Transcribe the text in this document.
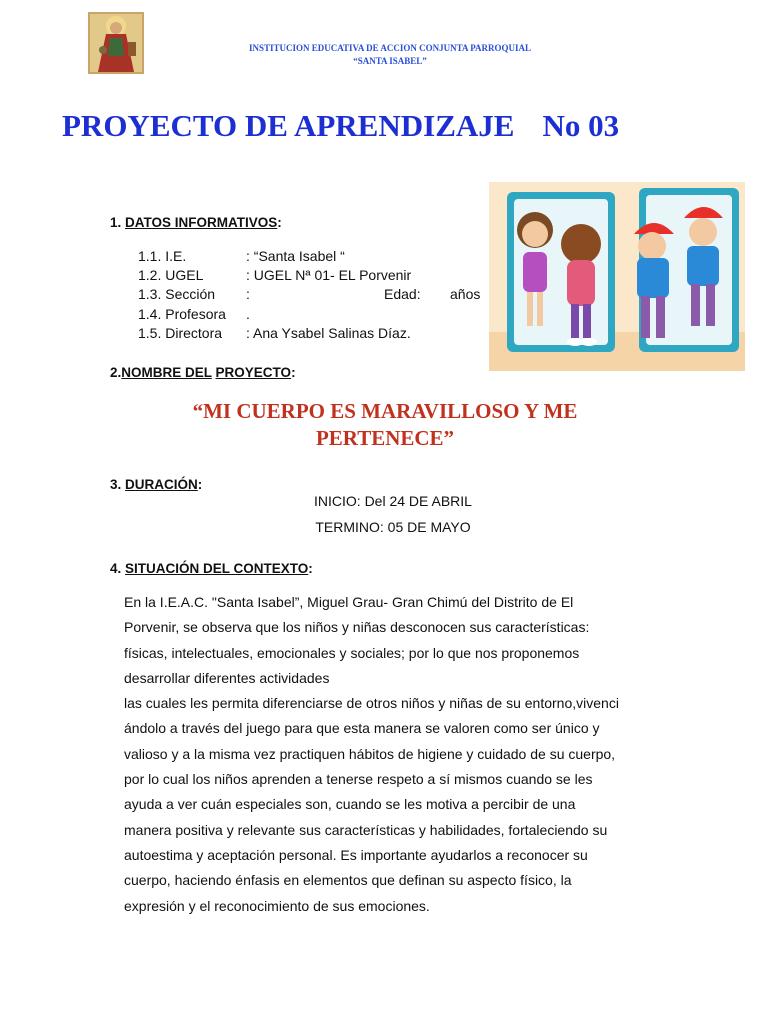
INSTITUCION EDUCATIVA DE ACCION CONJUNTA PARROQUIAL
“SANTA ISABEL”
PROYECTO DE APRENDIZAJE No 03
1. DATOS INFORMATIVOS:
1.1. I.E.	: “Santa Isabel “
1.2. UGEL	: UGEL Nª 01- EL Porvenir
1.3. Sección :	Edad: años
1.4. Profesora .
1.5. Directora : Ana Ysabel Salinas Díaz.
2.NOMBRE DEL PROYECTO:
“MI CUERPO ES MARAVILLOSO Y ME
PERTENECE”
3. DURACIÓN:
INICIO: Del 24 DE ABRIL
TERMINO: 05 DE MAYO
4. SITUACIÓN DEL CONTEXTO:

En la I.E.A.C. "Santa Isabel”, Miguel Grau- Gran Chimú del Distrito de El

Porvenir, se observa que los niños y niñas desconocen sus características:

físicas, intelectuales, emocionales y sociales; por lo que nos proponemos

desarrollar diferentes actividades

las cuales les permita diferenciarse de otros niños y niñas de su entorno,vivenci

ándolo a través del juego para que esta manera se valoren como ser único y

valioso y a la misma vez practiquen hábitos de higiene y cuidado de su cuerpo,

por lo cual los niños aprenden a tenerse respeto a sí mismos cuando se les

ayuda a ver cuán especiales son, cuando se les motiva a percibir de una

manera positiva y relevante sus características y habilidades, fortaleciendo su

autoestima y aceptación personal. Es importante ayudarlos a reconocer su

cuerpo, haciendo énfasis en elementos que definan su aspecto físico, la

expresión y el reconocimiento de sus emociones.
